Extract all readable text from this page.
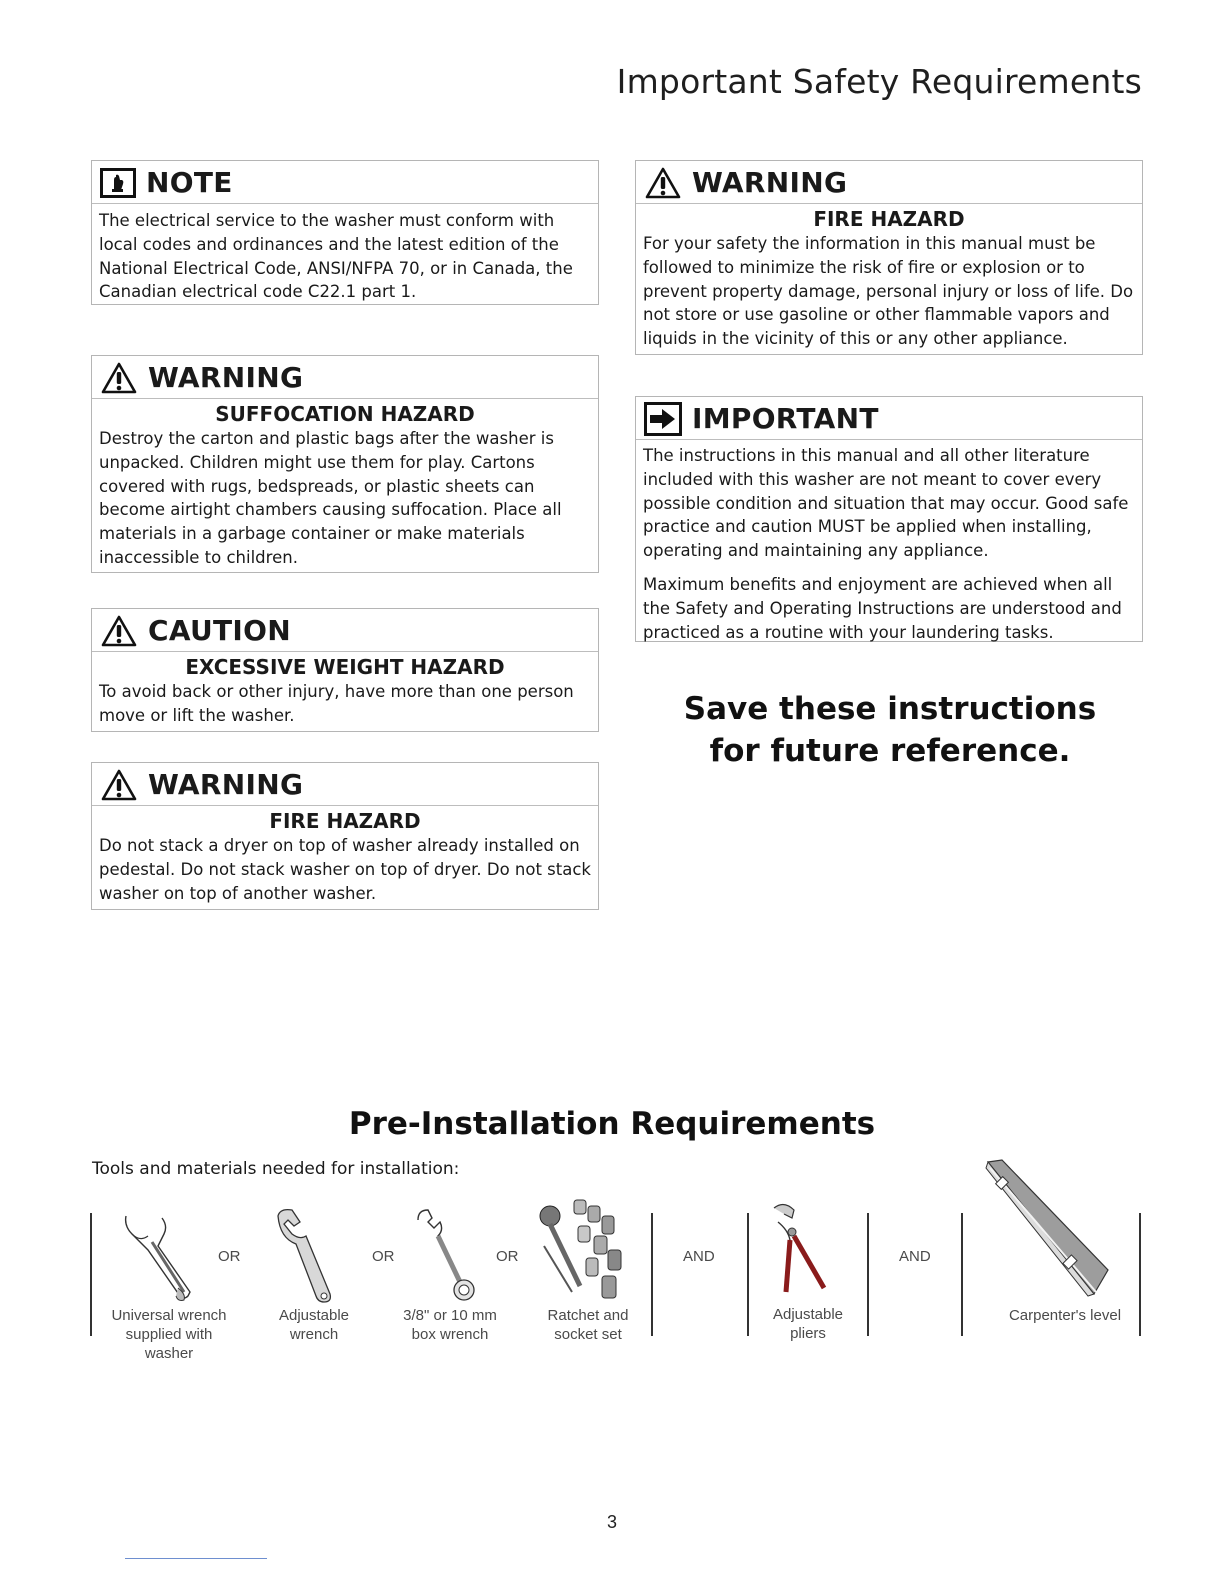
Important Safety Requirements
NOTE

The electrical service to the washer must conform with local codes and ordinances and the latest edition of the National Electrical Code, ANSI/NFPA 70, or in Canada, the Canadian electrical code C22.1 part 1.

WARNING
SUFFOCATION HAZARD

Destroy the carton and plastic bags after the washer is unpacked. Children might use them for play. Cartons covered with rugs, bedspreads, or plastic sheets can become airtight chambers causing suffocation. Place all materials in a garbage container or make materials inaccessible to children.

CAUTION
EXCESSIVE WEIGHT HAZARD

To avoid back or other injury, have more than one person move or lift the washer.

WARNING
FIRE HAZARD

Do not stack a dryer on top of washer already installed on pedestal. Do not stack washer on top of dryer. Do not stack washer on top of another washer.

WARNING
FIRE HAZARD

For your safety the information in this manual must be followed to minimize the risk of fire or explosion or to prevent property damage, personal injury or loss of life. Do not store or use gasoline or other flammable vapors and liquids in the vicinity of this or any other appliance.

IMPORTANT

The instructions in this manual and all other literature included with this washer are not meant to cover every possible condition and situation that may occur. Good safe practice and caution MUST be applied when installing, operating and maintaining any appliance.

Maximum benefits and enjoyment are achieved when all the Safety and Operating Instructions are understood and practiced as a routine with your laundering tasks.

Save these instructions
for future reference.
Pre-Installation Requirements
Tools and materials needed for installation:
OR	OR	OR	AND	AND
Universal wrench supplied with washer
Adjustable wrench
3/8" or 10 mm box wrench
Ratchet and socket set
Adjustable pliers
Carpenter's level
3
